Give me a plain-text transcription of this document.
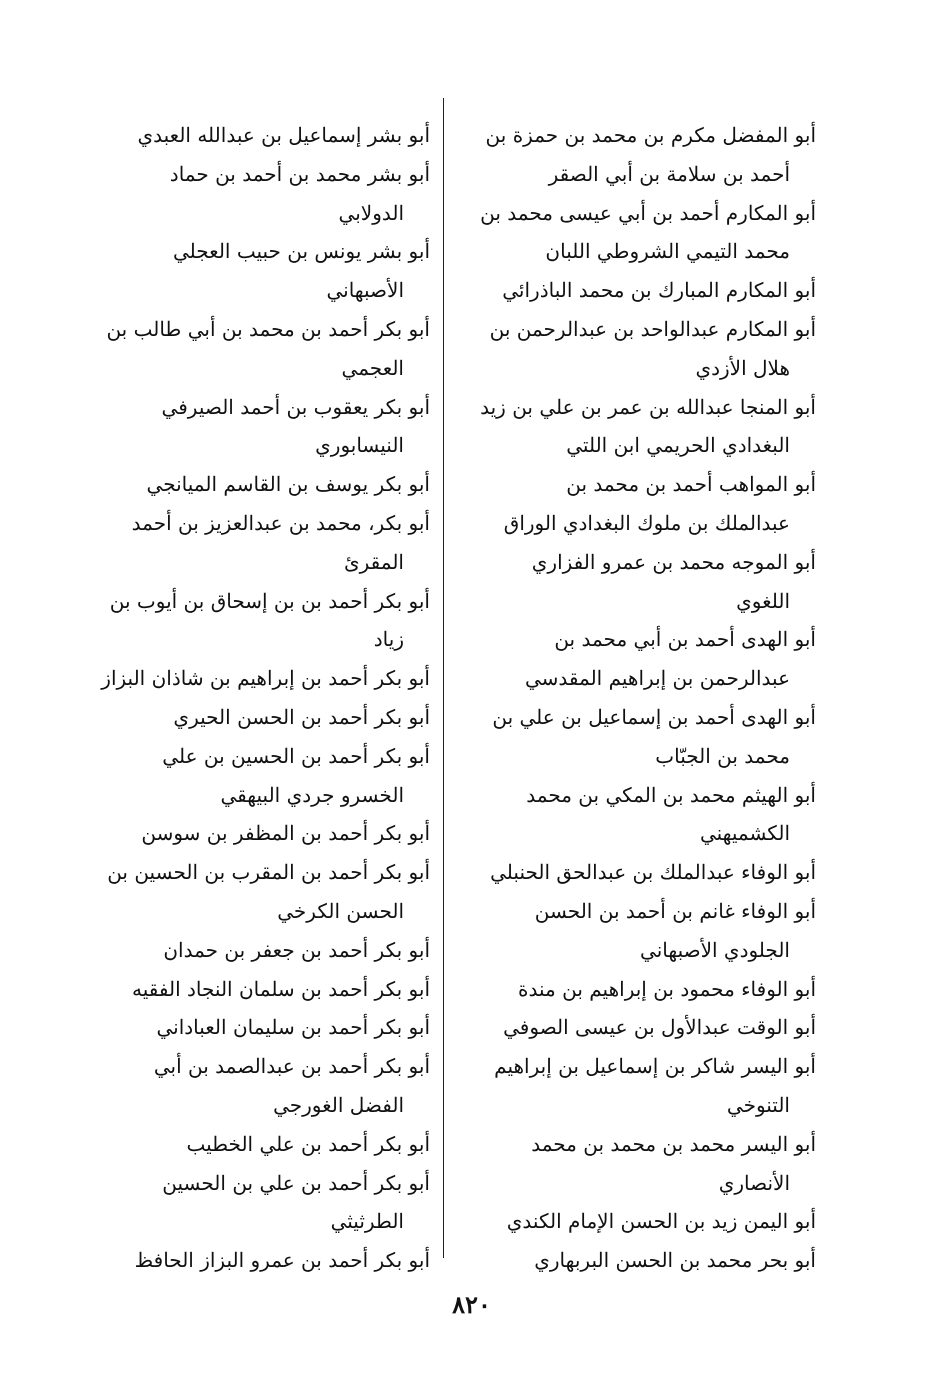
أبو المفضل مكرم بن محمد بن حمزة بن
أحمد بن سلامة بن أبي الصقر

أبو المكارم أحمد بن أبي عيسى محمد بن
محمد التيمي الشروطي اللبان

أبو المكارم المبارك بن محمد الباذرائي

أبو المكارم عبدالواحد بن عبدالرحمن بن
هلال الأزدي

أبو المنجا عبدالله بن عمر بن علي بن زيد
البغدادي الحريمي ابن اللتي

أبو المواهب أحمد بن محمد بن
عبدالملك بن ملوك البغدادي الوراق

أبو الموجه محمد بن عمرو الفزاري
اللغوي

أبو الهدى أحمد بن أبي محمد بن
عبدالرحمن بن إبراهيم المقدسي

أبو الهدى أحمد بن إسماعيل بن علي بن
محمد بن الجبّاب

أبو الهيثم محمد بن المكي بن محمد
الكشميهني

أبو الوفاء عبدالملك بن عبدالحق الحنبلي

أبو الوفاء غانم بن أحمد بن الحسن
الجلودي الأصبهاني

أبو الوفاء محمود بن إبراهيم بن مندة

أبو الوقت عبدالأول بن عيسى الصوفي

أبو اليسر شاكر بن إسماعيل بن إبراهيم
التنوخي

أبو اليسر محمد بن محمد بن محمد
الأنصاري

أبو اليمن زيد بن الحسن الإمام الكندي

أبو بحر محمد بن الحسن البربهاري

أبو بشر إسماعيل بن عبدالله العبدي

أبو بشر محمد بن أحمد بن حماد
الدولابي

أبو بشر يونس بن حبيب العجلي
الأصبهاني

أبو بكر أحمد بن محمد بن أبي طالب بن
العجمي

أبو بكر يعقوب بن أحمد الصيرفي
النيسابوري

أبو بكر يوسف بن القاسم الميانجي

أبو بكر، محمد بن عبدالعزيز بن أحمد
المقرئ

أبو بكر أحمد بن بن إسحاق بن أيوب بن
زياد

أبو بكر أحمد بن إبراهيم بن شاذان البزاز

أبو بكر أحمد بن الحسن الحيري

أبو بكر أحمد بن الحسين بن علي
الخسرو جردي البيهقي

أبو بكر أحمد بن المظفر بن سوسن

أبو بكر أحمد بن المقرب بن الحسين بن
الحسن الكرخي

أبو بكر أحمد بن جعفر بن حمدان

أبو بكر أحمد بن سلمان النجاد الفقيه

أبو بكر أحمد بن سليمان العباداني

أبو بكر أحمد بن عبدالصمد بن أبي
الفضل الغورجي

أبو بكر أحمد بن علي الخطيب

أبو بكر أحمد بن علي بن الحسين
الطرثيثي

أبو بكر أحمد بن عمرو البزاز الحافظ

٨٢٠
